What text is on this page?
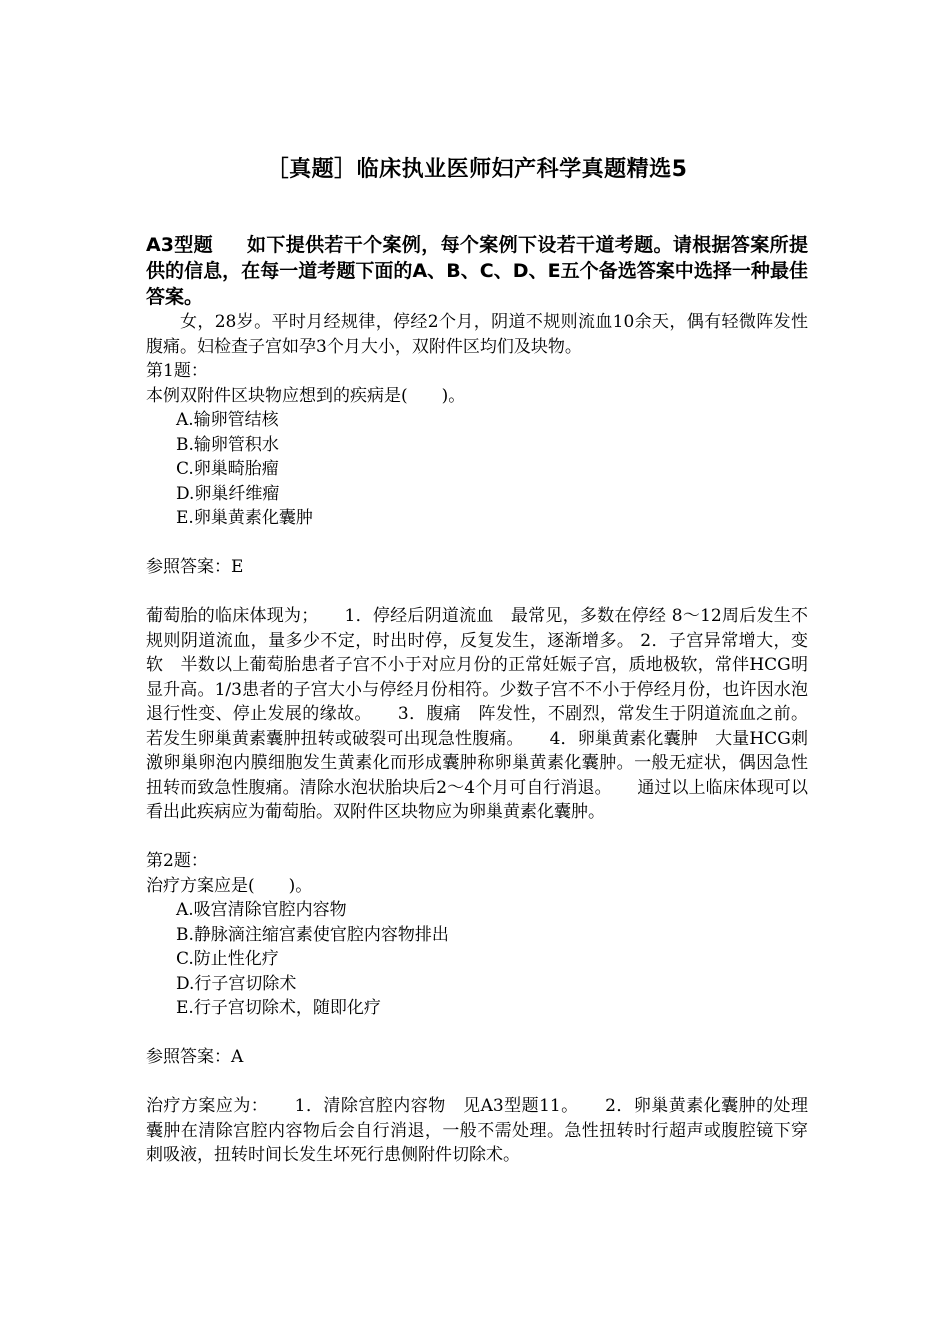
［真题］临床执业医师妇产科学真题精选5

A3型题 如下提供若干个案例，每个案例下设若干道考题。请根据答案所提供的信息，在每一道考题下面的A、B、C、D、E五个备选答案中选择一种最佳答案。

女，28岁。平时月经规律，停经2个月，阴道不规则流血10余天，偶有轻微阵发性腹痛。妇检查子宫如孕3个月大小，双附件区均们及块物。

第1题：

本例双附件区块物应想到的疾病是(　　)。

A.输卵管结核

B.输卵管积水

C.卵巢畸胎瘤

D.卵巢纤维瘤

E.卵巢黄素化囊肿

参照答案：E

葡萄胎的临床体现为；　　1．停经后阴道流血　最常见，多数在停经 8～12周后发生不规则阴道流血，量多少不定，时出时停，反复发生，逐渐增多。 2．子宫异常增大，变软　半数以上葡萄胎患者子宫不小于对应月份的正常妊娠子宫，质地极软，常伴HCG明显升高。1/3患者的子宫大小与停经月份相符。少数子宫不不小于停经月份，也许因水泡退行性变、停止发展的缘故。　　3．腹痛　阵发性，不剧烈，常发生于阴道流血之前。若发生卵巢黄素囊肿扭转或破裂可出现急性腹痛。　　4．卵巢黄素化囊肿　大量HCG刺激卵巢卵泡内膜细胞发生黄素化而形成囊肿称卵巢黄素化囊肿。一般无症状，偶因急性扭转而致急性腹痛。清除水泡状胎块后2～4个月可自行消退。　　通过以上临床体现可以看出此疾病应为葡萄胎。双附件区块物应为卵巢黄素化囊肿。

第2题：

治疗方案应是(　　)。

A.吸宫清除官腔内容物

B.静脉滴注缩宫素使官腔内容物排出

C.防止性化疗

D.行子宫切除术

E.行子宫切除术，随即化疗

参照答案：A

治疗方案应为：　　1．清除宫腔内容物　见A3型题11。　　2．卵巢黄素化囊肿的处理　囊肿在清除宫腔内容物后会自行消退，一般不需处理。急性扭转时行超声或腹腔镜下穿刺吸液，扭转时间长发生坏死行患侧附件切除术。
